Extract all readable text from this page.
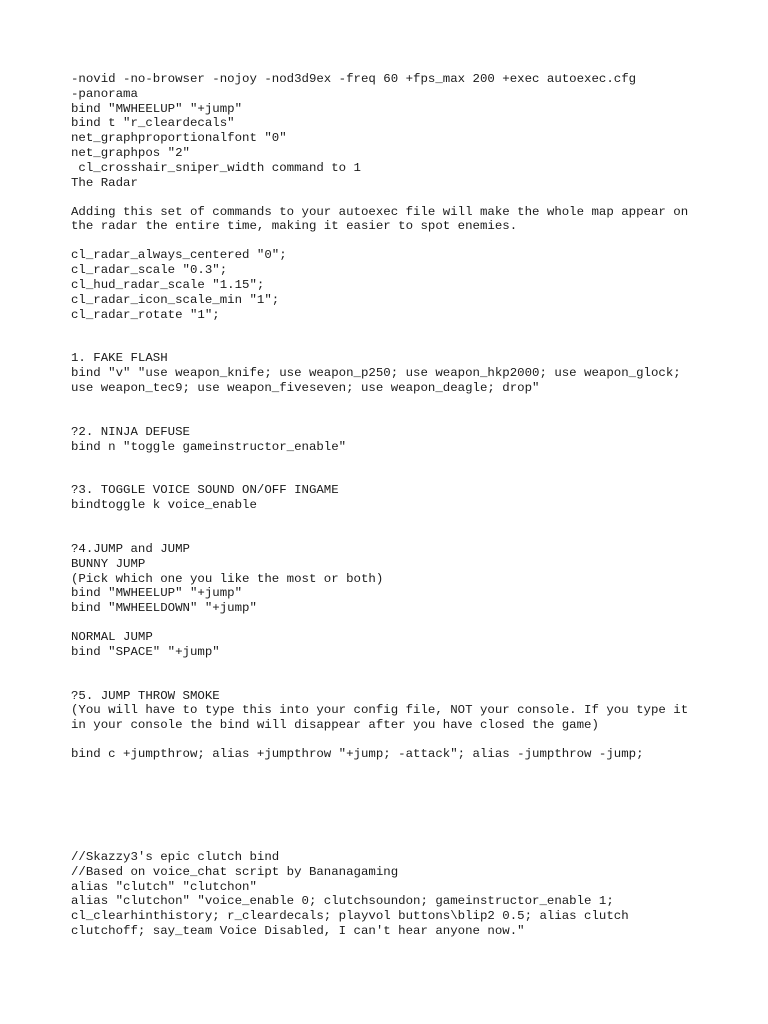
-novid -no-browser -nojoy -nod3d9ex -freq 60 +fps_max 200 +exec autoexec.cfg
-panorama
bind "MWHEELUP" "+jump"
bind t "r_cleardecals"
net_graphproportionalfont "0"
net_graphpos "2"
cl_crosshair_sniper_width command to 1
The Radar
Adding this set of commands to your autoexec file will make the whole map appear on
the radar the entire time, making it easier to spot enemies.
cl_radar_always_centered "0";
cl_radar_scale "0.3";
cl_hud_radar_scale "1.15";
cl_radar_icon_scale_min "1";
cl_radar_rotate "1";
1. FAKE FLASH
bind "v" "use weapon_knife; use weapon_p250; use weapon_hkp2000; use weapon_glock;
use weapon_tec9; use weapon_fiveseven; use weapon_deagle; drop"
?2. NINJA DEFUSE
bind n "toggle gameinstructor_enable"
?3. TOGGLE VOICE SOUND ON/OFF INGAME
bindtoggle k voice_enable
?4.JUMP and JUMP
BUNNY JUMP
(Pick which one you like the most or both)
bind "MWHEELUP" "+jump"
bind "MWHEELDOWN" "+jump"
NORMAL JUMP
bind "SPACE" "+jump"
?5. JUMP THROW SMOKE
(You will have to type this into your config file, NOT your console. If you type it
in your console the bind will disappear after you have closed the game)
bind c +jumpthrow; alias +jumpthrow "+jump; -attack"; alias -jumpthrow -jump;
//Skazzy3's epic clutch bind
//Based on voice_chat script by Bananagaming
alias "clutch" "clutchon"
alias "clutchon" "voice_enable 0; clutchsoundon; gameinstructor_enable 1;
cl_clearhinthistory; r_cleardecals; playvol buttons\blip2 0.5; alias clutch
clutchoff; say_team Voice Disabled, I can't hear anyone now."
